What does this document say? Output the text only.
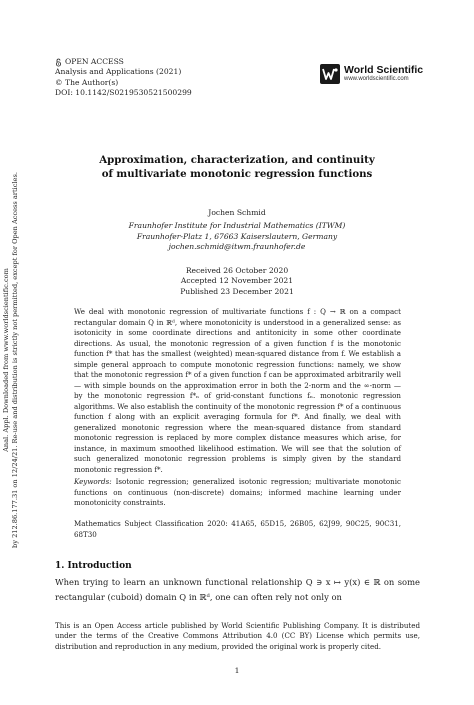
Anal. Appl. Downloaded from www.worldscientific.com by 212.86.177.31 on 12/24/21. Re-use and distribution is strictly not permitted, except for Open Access articles.
OPEN ACCESS
Analysis and Applications (2021)
© The Author(s)
DOI: 10.1142/S0219530521500299
World Scientific
www.worldscientific.com
Approximation, characterization, and continuity
of multivariate monotonic regression functions
Jochen Schmid
Fraunhofer Institute for Industrial Mathematics (ITWM)
Fraunhofer-Platz 1, 67663 Kaiserslautern, Germany
jochen.schmid@itwm.fraunhofer.de
Received 26 October 2020
Accepted 12 November 2021
Published 23 December 2021

We deal with monotonic regression of multivariate functions f : Q → ℝ on a compact rectangular domain Q in ℝᵈ, where monotonicity is understood in a generalized sense: as isotonicity in some coordinate directions and antitonicity in some other coordinate directions. As usual, the monotonic regression of a given function f is the monotonic function f* that has the smallest (weighted) mean-squared distance from f. We establish a simple general approach to compute monotonic regression functions: namely, we show that the monotonic regression f* of a given function f can be approximated arbitrarily well — with simple bounds on the approximation error in both the 2-norm and the ∞-norm — by the monotonic regression f*ₙ of grid-constant functions fₙ. monotonic regression algorithms. We also establish the continuity of the monotonic regression f* of a continuous function f along with an explicit averaging formula for f*. And finally, we deal with generalized monotonic regression where the mean-squared distance from standard monotonic regression is replaced by more complex distance measures which arise, for instance, in maximum smoothed likelihood estimation. We will see that the solution of such generalized monotonic regression problems is simply given by the standard monotonic regression f*.

Keywords: Isotonic regression; generalized isotonic regression; multivariate monotonic functions on continuous (non-discrete) domains; informed machine learning under monotonicity constraints.
Mathematics Subject Classification 2020: 41A65, 65D15, 26B05, 62J99, 90C25, 90C31, 68T30
1. Introduction
When trying to learn an unknown functional relationship Q ∋ x ↦ y(x) ∈ ℝ on some rectangular (cuboid) domain Q in ℝᵈ, one can often rely not only on
This is an Open Access article published by World Scientific Publishing Company. It is distributed under the terms of the Creative Commons Attribution 4.0 (CC BY) License which permits use, distribution and reproduction in any medium, provided the original work is properly cited.
1
